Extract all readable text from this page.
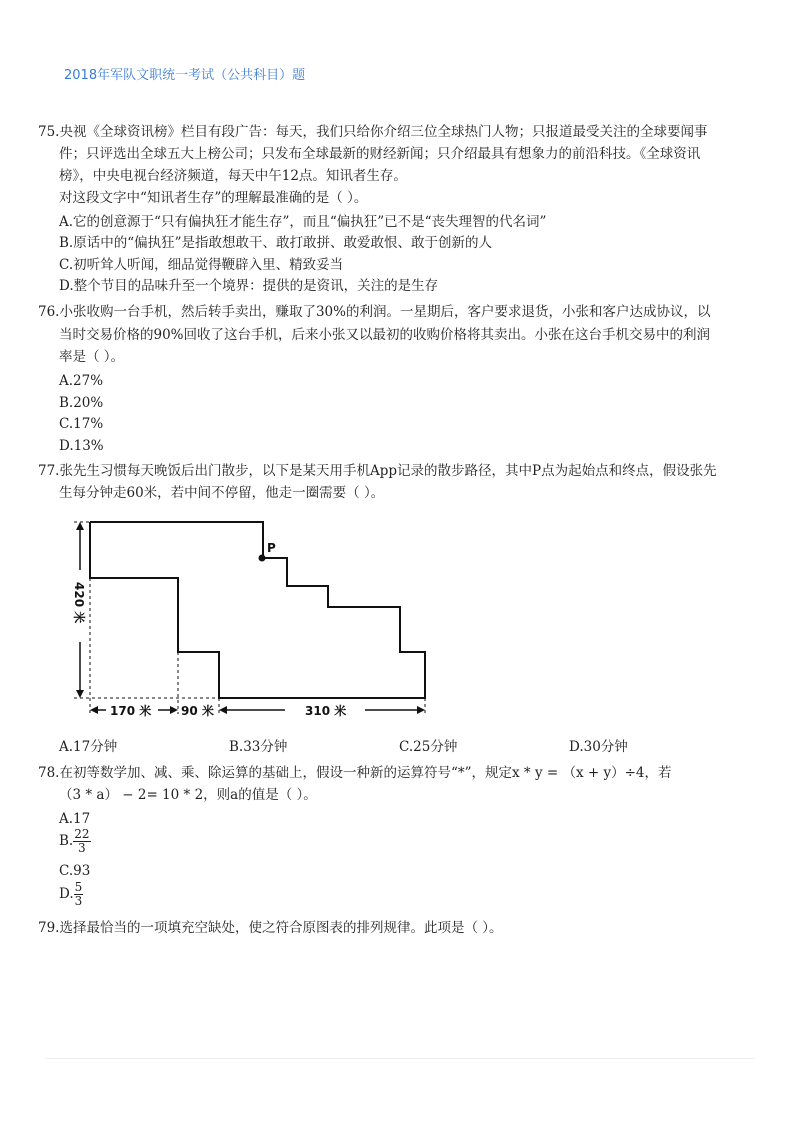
2018年军队文职统一考试（公共科目）题
75.央视《全球资讯榜》栏目有段广告：每天，我们只给你介绍三位全球热门人物；只报道最受关注的全球要闻事
件；只评选出全球五大上榜公司；只发布全球最新的财经新闻；只介绍最具有想象力的前沿科技。《全球资讯
榜》，中央电视台经济频道，每天中午12点。知讯者生存。
对这段文字中“知讯者生存”的理解最准确的是（ ）。
A.它的创意源于“只有偏执狂才能生存”，而且“偏执狂”已不是“丧失理智的代名词”
B.原话中的“偏执狂”是指敢想敢干、敢打敢拼、敢爱敢恨、敢于创新的人
C.初听耸人听闻，细品觉得鞭辟入里、精致妥当
D.整个节目的品味升至一个境界：提供的是资讯，关注的是生存
76.小张收购一台手机，然后转手卖出，赚取了30%的利润。一星期后，客户要求退货，小张和客户达成协议，以
当时交易价格的90%回收了这台手机，后来小张又以最初的收购价格将其卖出。小张在这台手机交易中的利润
率是（ ）。
A.27%
B.20%
C.17%
D.13%
77.张先生习惯每天晚饭后出门散步，以下是某天用手机App记录的散步路径，其中P点为起始点和终点，假设张先
生每分钟走60米，若中间不停留，他走一圈需要（ ）。
P
420 米
170 米 90 米	310 米
A.17分钟	B.33分钟	C.25分钟	D.30分钟
78.在初等数学加、减、乘、除运算的基础上，假设一种新的运算符号“*”，规定x * y = （x + y）÷4，若
（3 * a） − 2= 10 * 2，则a的值是（ ）。
A.17
B. $\frac{22}{3}$
C.93
D. $\frac{5}{3}$
79.选择最恰当的一项填充空缺处，使之符合原图表的排列规律。此项是（ ）。
